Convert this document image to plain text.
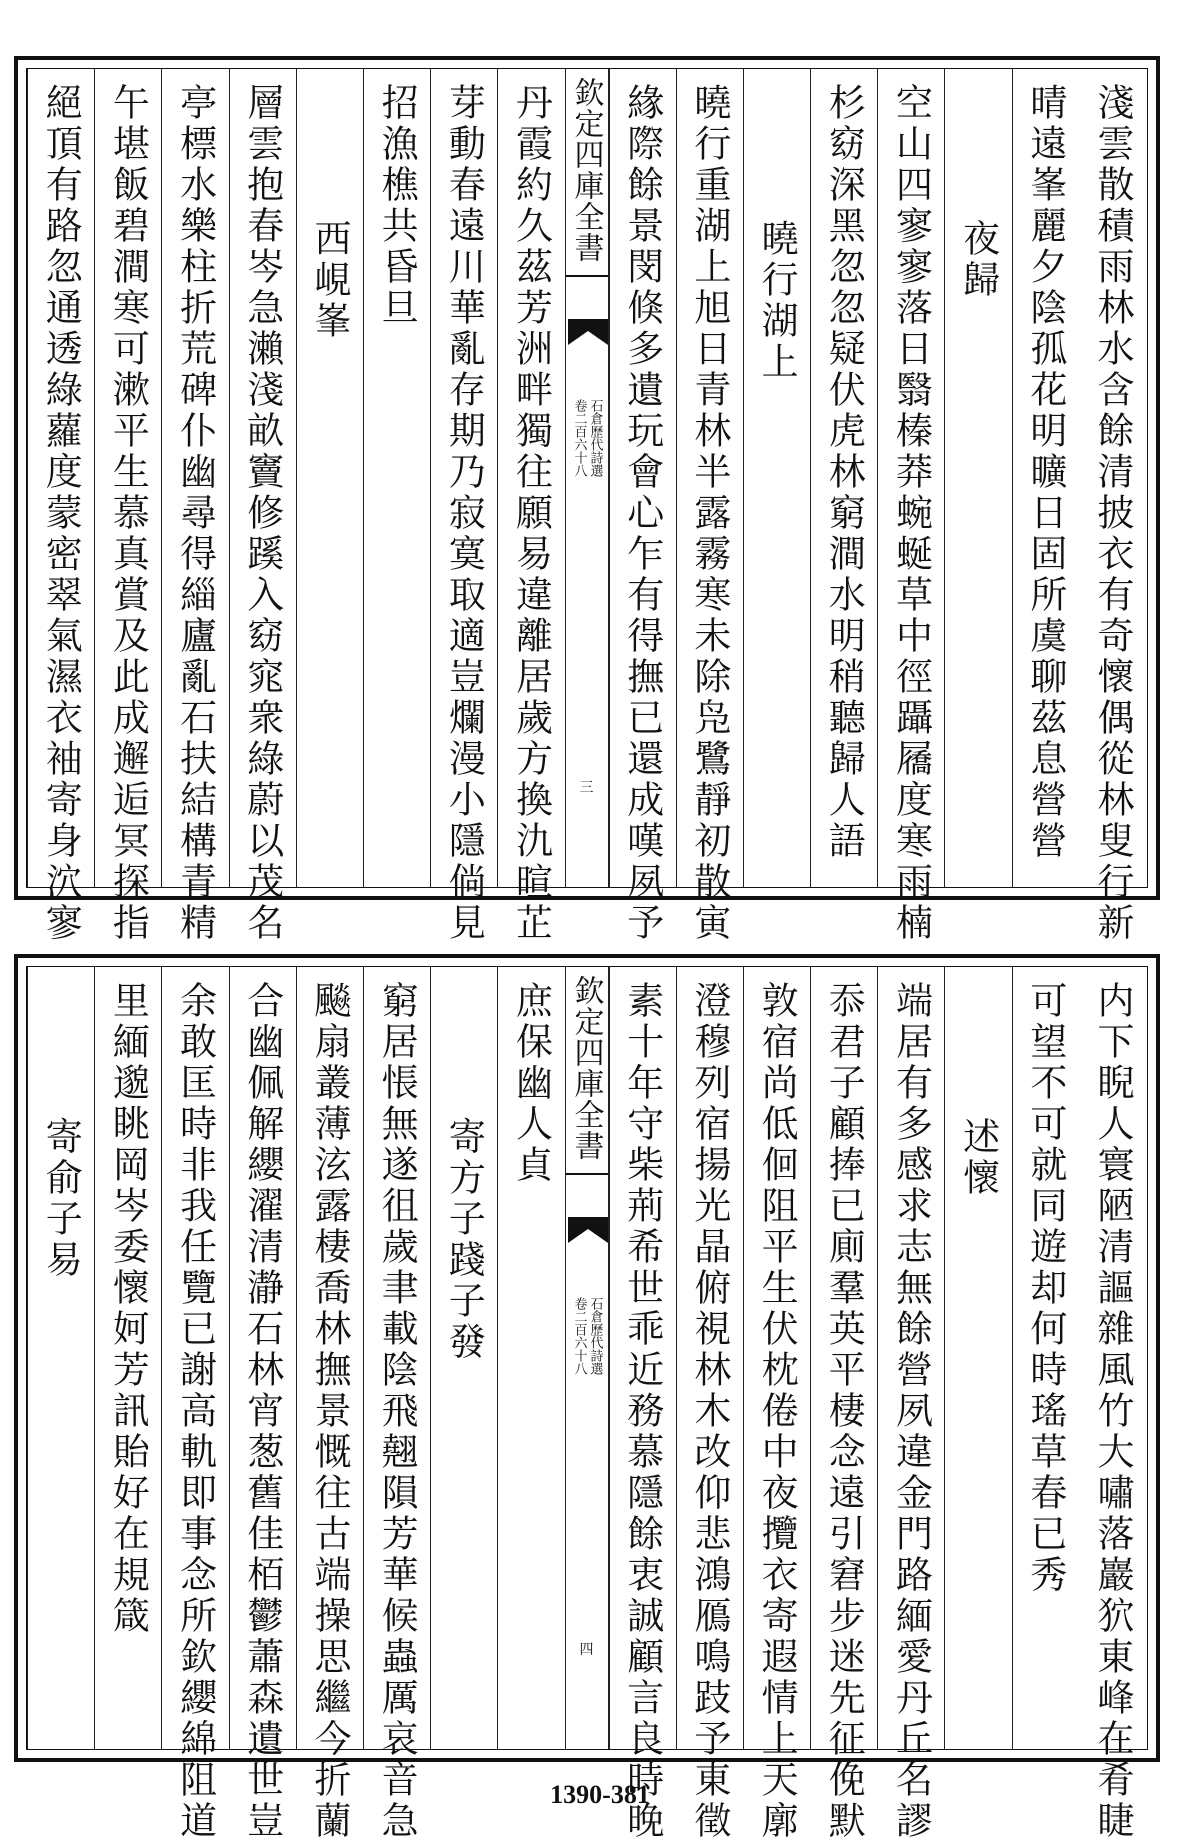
淺雲散積雨林水含餘清披衣有奇懷偶從林叟行新
晴遠峯麗夕陰孤花明曠日固所虞聊茲息營營
夜歸
空山四寥寥落日翳榛莽蜿蜒草中徑躡屩度寒雨楠
杉窈深黑忽忽疑伏虎林窮澗水明稍聽歸人語
曉行湖上
曉行重湖上旭日青林半露霧寒未除凫鷺靜初散寅
緣際餘景閔倏多遺玩會心乍有得撫已還成嘆夙予
欽定四庫全書
石倉歷代詩選
卷二百六十八
三
丹霞約久茲芳洲畔獨往願易違離居歲方換氿暄芷
芽動春遠川華亂存期乃寂寞取適豈爛漫小隱倘見
招漁樵共昏旦
西峴峯
層雲抱春岑急瀨淺畝竇修蹊入窈窕衆綠蔚以茂名
亭標水樂柱折荒碑仆幽尋得緇廬亂石扶結構青精
午堪飯碧澗寒可漱平生慕真賞及此成邂逅冥探指
絕頂有路忽通透綠蘿度蒙密翠氣濕衣袖寄身泬寥
内下睨人寰陋清謳雜風竹大嘯落巖狖東峰在肴睫
可望不可就同遊却何時瑤草春已秀
述懷
端居有多感求志無餘營夙違金門路緬愛丹丘名謬
忝君子顧捧已廁羣英平棲念遠引窘步迷先征俛默
敦宿尚低佪阻平生伏枕倦中夜攬衣寄遐情上天廓
澄穆列宿揚光晶俯視林木改仰悲鴻鴈鳴跂予東徵
素十年守柴荊希世乖近務慕隱餘衷誠顧言良時晚
欽定四庫全書
石倉歷代詩選
卷二百六十八
四
庶保幽人貞
寄方子踐子發
窮居悵無遂徂歲聿載陰飛翹隕芳華候蟲厲哀音急
飈扇叢薄泫露棲喬林撫景慨往古端操思繼今折蘭
合幽佩解纓濯清瀞石林宵葱舊佳栢鬱蕭森遺世豈
余敢匡時非我任覽已謝高軌即事念所欽纓綿阻道
里緬邈眺岡岑委懷妸芳訊貽好在規箴
寄俞子易
1390-381
